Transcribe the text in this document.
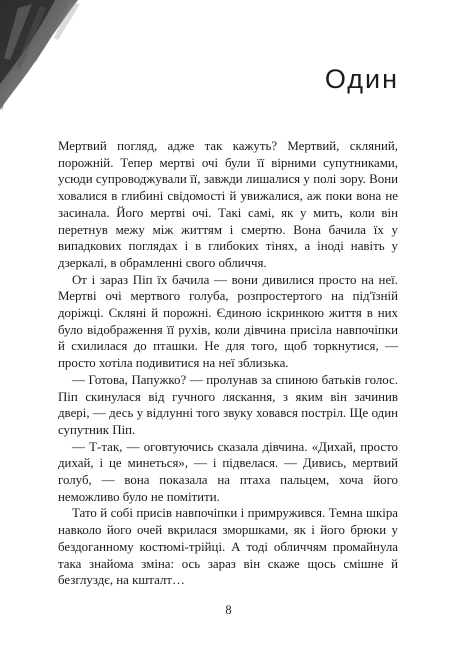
Один

Мертвий погляд, адже так кажуть? Мертвий, скляний, порожній. Тепер мертві очі були її вірними супутниками, усюди супроводжували її, завжди лишалися у полі зору. Вони ховалися в глибині свідомості й увижалися, аж поки вона не засинала. Його мертві очі. Такі самі, як у мить, коли він перетнув межу між життям і смертю. Вона бачила їх у випадкових поглядах і в глибоких тінях, а іноді навіть у дзеркалі, в обрамленні свого обличчя.

От і зараз Піп їх бачила — вони дивилися просто на неї. Мертві очі мертвого голуба, розпростертого на під'їзній доріжці. Скляні й порожні. Єдиною іскринкою життя в них було відображення її рухів, коли дівчина присіла навпочіпки й схилилася до пташки. Не для того, щоб торкнутися, — просто хотіла подивитися на неї зблизька.

— Готова, Папужко? — пролунав за спиною батьків голос. Піп скинулася від гучного ляскання, з яким він зачинив двері, — десь у відлунні того звуку ховався постріл. Ще один супутник Піп.

— Т-так, — оговтуючись сказала дівчина. «Дихай, просто дихай, і це минеться», — і підвелася. — Дивись, мертвий голуб, — вона показала на птаха пальцем, хоча його неможливо було не помітити.

Тато й собі присів навпочіпки і примружився. Темна шкіра навколо його очей вкрилася зморшками, як і його брюки у бездоганному костюмі-трійці. А тоді обличчям промайнула така знайома зміна: ось зараз він скаже щось смішне й безглуздє, на кшталт…

8
